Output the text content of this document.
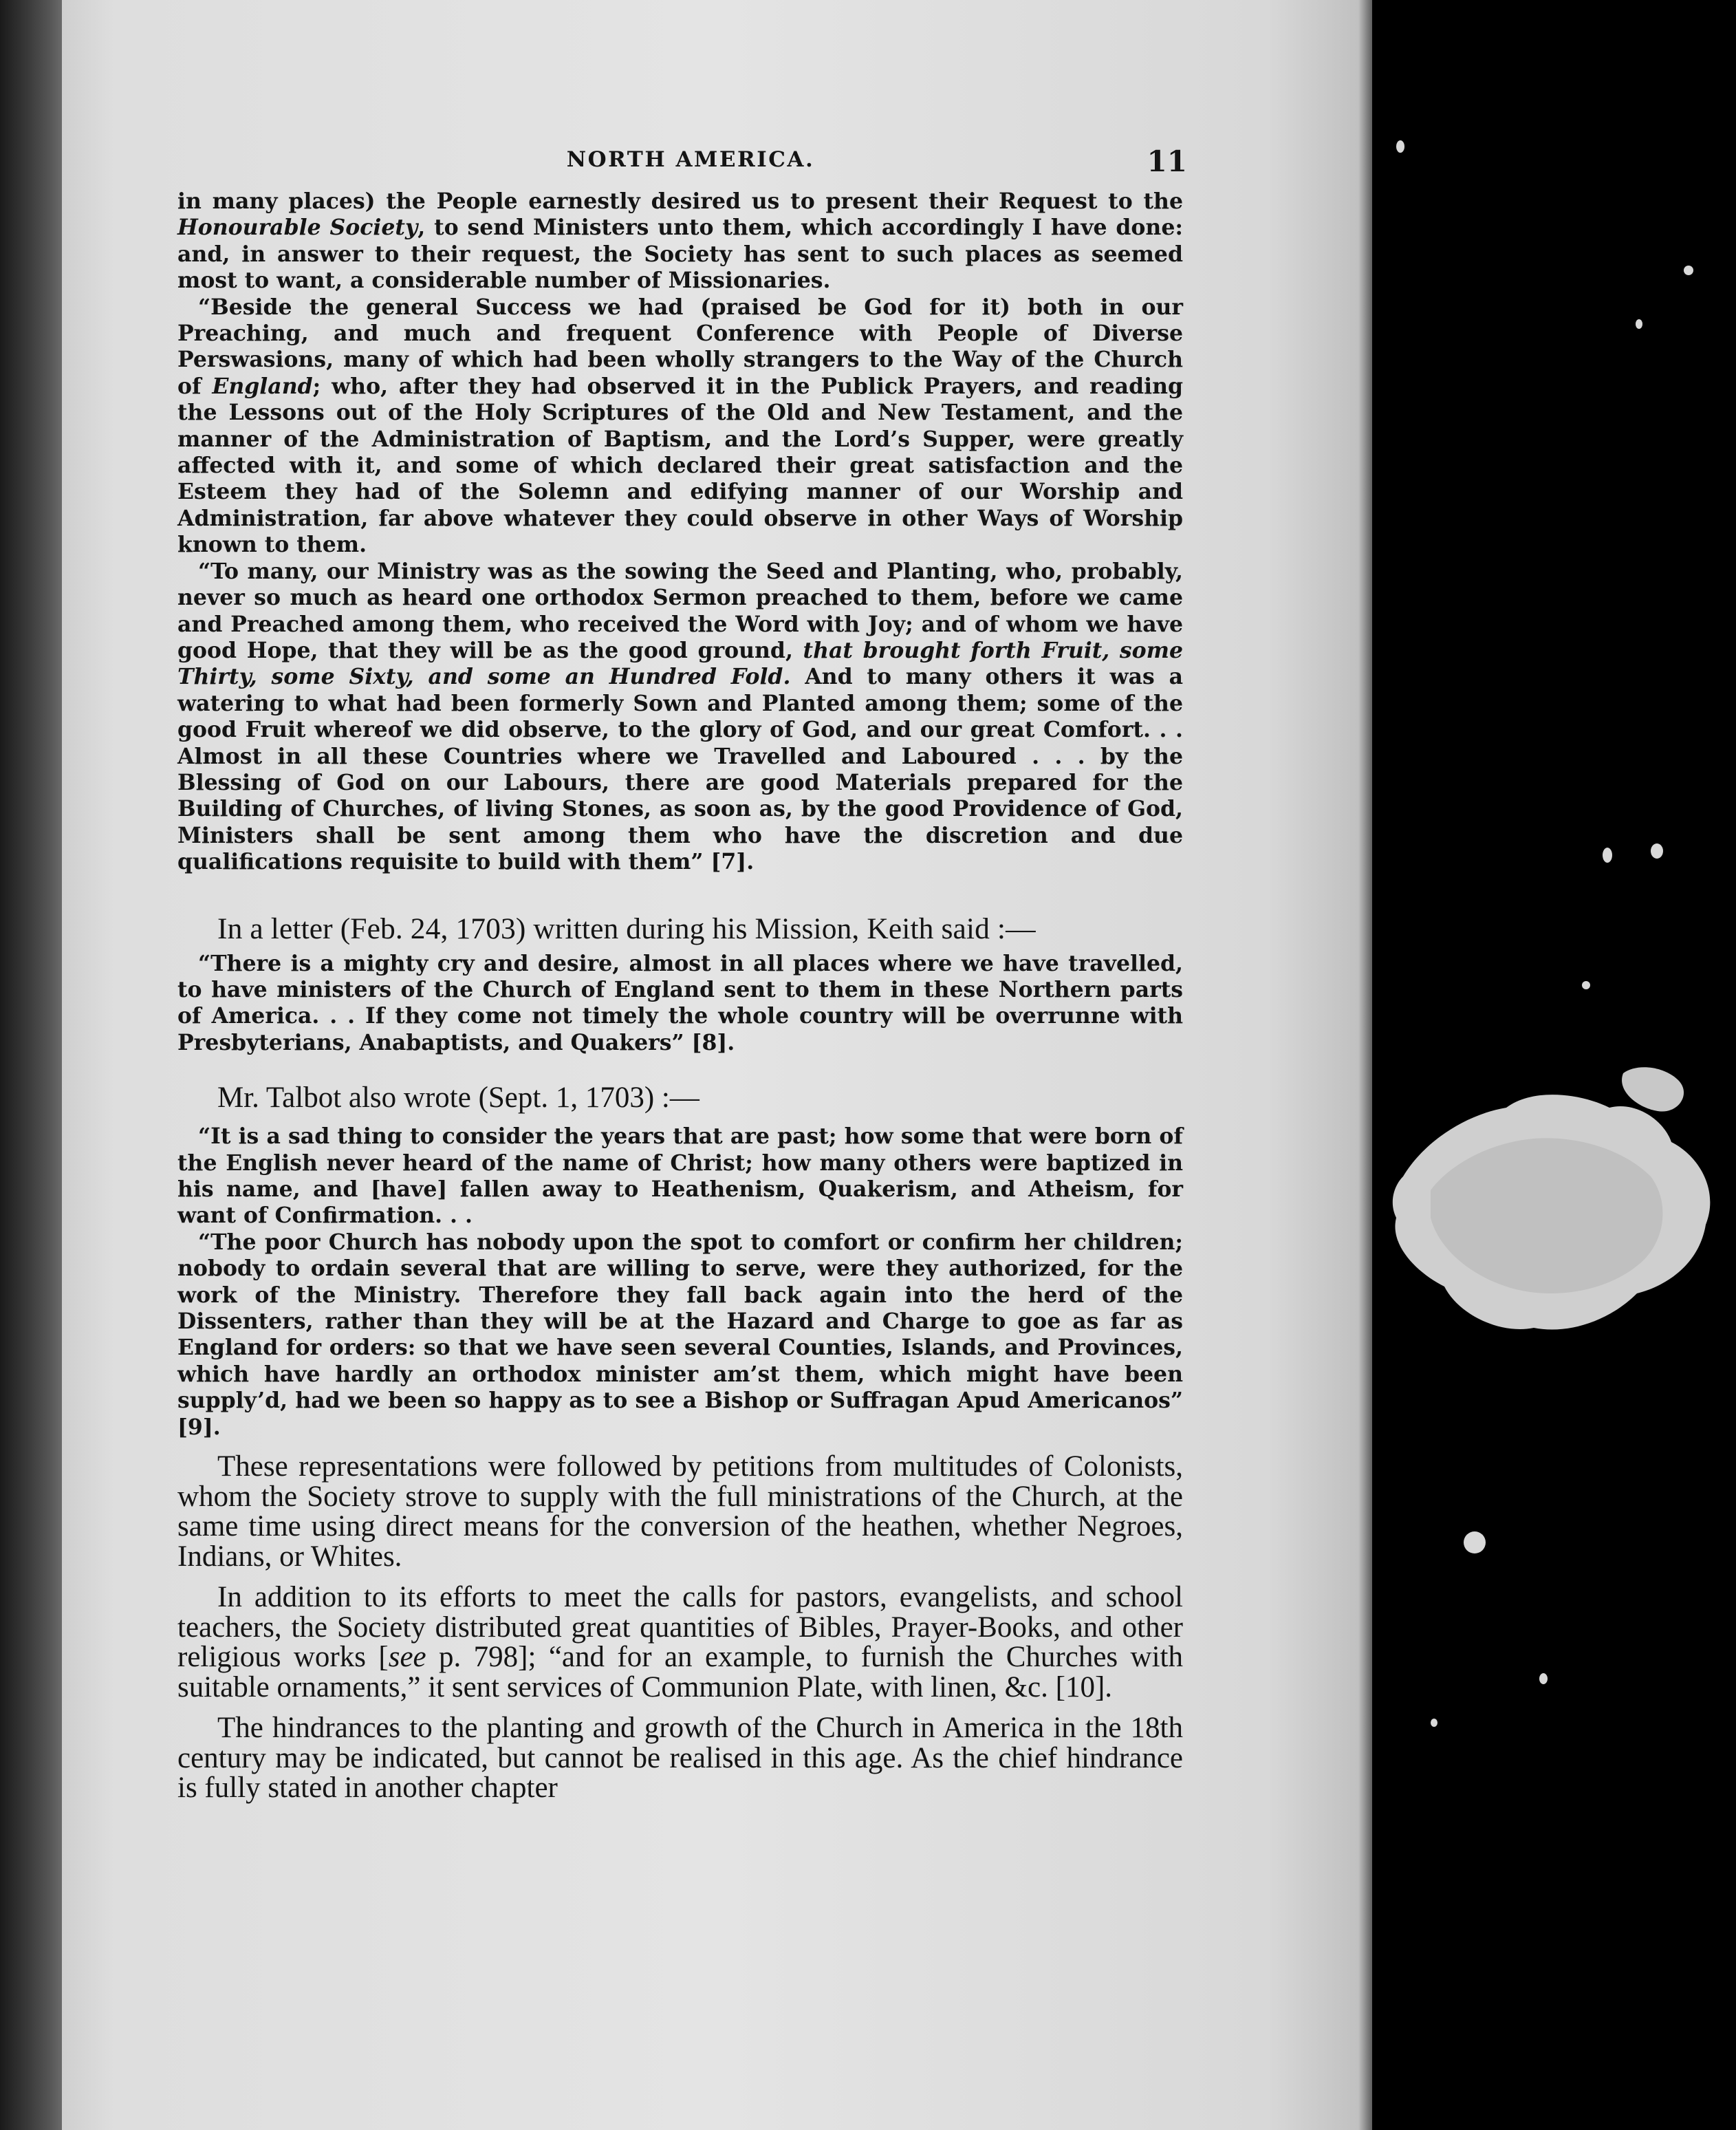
NORTH AMERICA.	11

in many places) the People earnestly desired us to present their Request to the Honourable Society, to send Ministers unto them, which accordingly I have done: and, in answer to their request, the Society has sent to such places as seemed most to want, a considerable number of Missionaries.

“Beside the general Success we had (praised be God for it) both in our Preaching, and much and frequent Conference with People of Diverse Perswasions, many of which had been wholly strangers to the Way of the Church of England; who, after they had observed it in the Publick Prayers, and reading the Lessons out of the Holy Scriptures of the Old and New Testament, and the manner of the Administration of Baptism, and the Lord’s Supper, were greatly affected with it, and some of which declared their great satisfaction and the Esteem they had of the Solemn and edifying manner of our Worship and Administration, far above whatever they could observe in other Ways of Worship known to them.

“To many, our Ministry was as the sowing the Seed and Planting, who, probably, never so much as heard one orthodox Sermon preached to them, before we came and Preached among them, who received the Word with Joy; and of whom we have good Hope, that they will be as the good ground, that brought forth Fruit, some Thirty, some Sixty, and some an Hundred Fold. And to many others it was a watering to what had been formerly Sown and Planted among them; some of the good Fruit whereof we did observe, to the glory of God, and our great Comfort. . . Almost in all these Countries where we Travelled and Laboured . . . by the Blessing of God on our Labours, there are good Materials prepared for the Building of Churches, of living Stones, as soon as, by the good Providence of God, Ministers shall be sent among them who have the discretion and due qualifications requisite to build with them” [7].

In a letter (Feb. 24, 1703) written during his Mission, Keith said :—

“There is a mighty cry and desire, almost in all places where we have travelled, to have ministers of the Church of England sent to them in these Northern parts of America. . . If they come not timely the whole country will be overrunne with Presbyterians, Anabaptists, and Quakers” [8].

Mr. Talbot also wrote (Sept. 1, 1703) :—

“It is a sad thing to consider the years that are past; how some that were born of the English never heard of the name of Christ; how many others were baptized in his name, and [have] fallen away to Heathenism, Quakerism, and Atheism, for want of Confirmation. . .

“The poor Church has nobody upon the spot to comfort or confirm her children; nobody to ordain several that are willing to serve, were they authorized, for the work of the Ministry. Therefore they fall back again into the herd of the Dissenters, rather than they will be at the Hazard and Charge to goe as far as England for orders: so that we have seen several Counties, Islands, and Provinces, which have hardly an orthodox minister am’st them, which might have been supply’d, had we been so happy as to see a Bishop or Suffragan Apud Americanos” [9].

These representations were followed by petitions from multitudes of Colonists, whom the Society strove to supply with the full ministrations of the Church, at the same time using direct means for the conversion of the heathen, whether Negroes, Indians, or Whites.

In addition to its efforts to meet the calls for pastors, evangelists, and school teachers, the Society distributed great quantities of Bibles, Prayer-Books, and other religious works [see p. 798]; “and for an example, to furnish the Churches with suitable ornaments,” it sent services of Communion Plate, with linen, &c. [10].

The hindrances to the planting and growth of the Church in America in the 18th century may be indicated, but cannot be realised in this age. As the chief hindrance is fully stated in another chapter
